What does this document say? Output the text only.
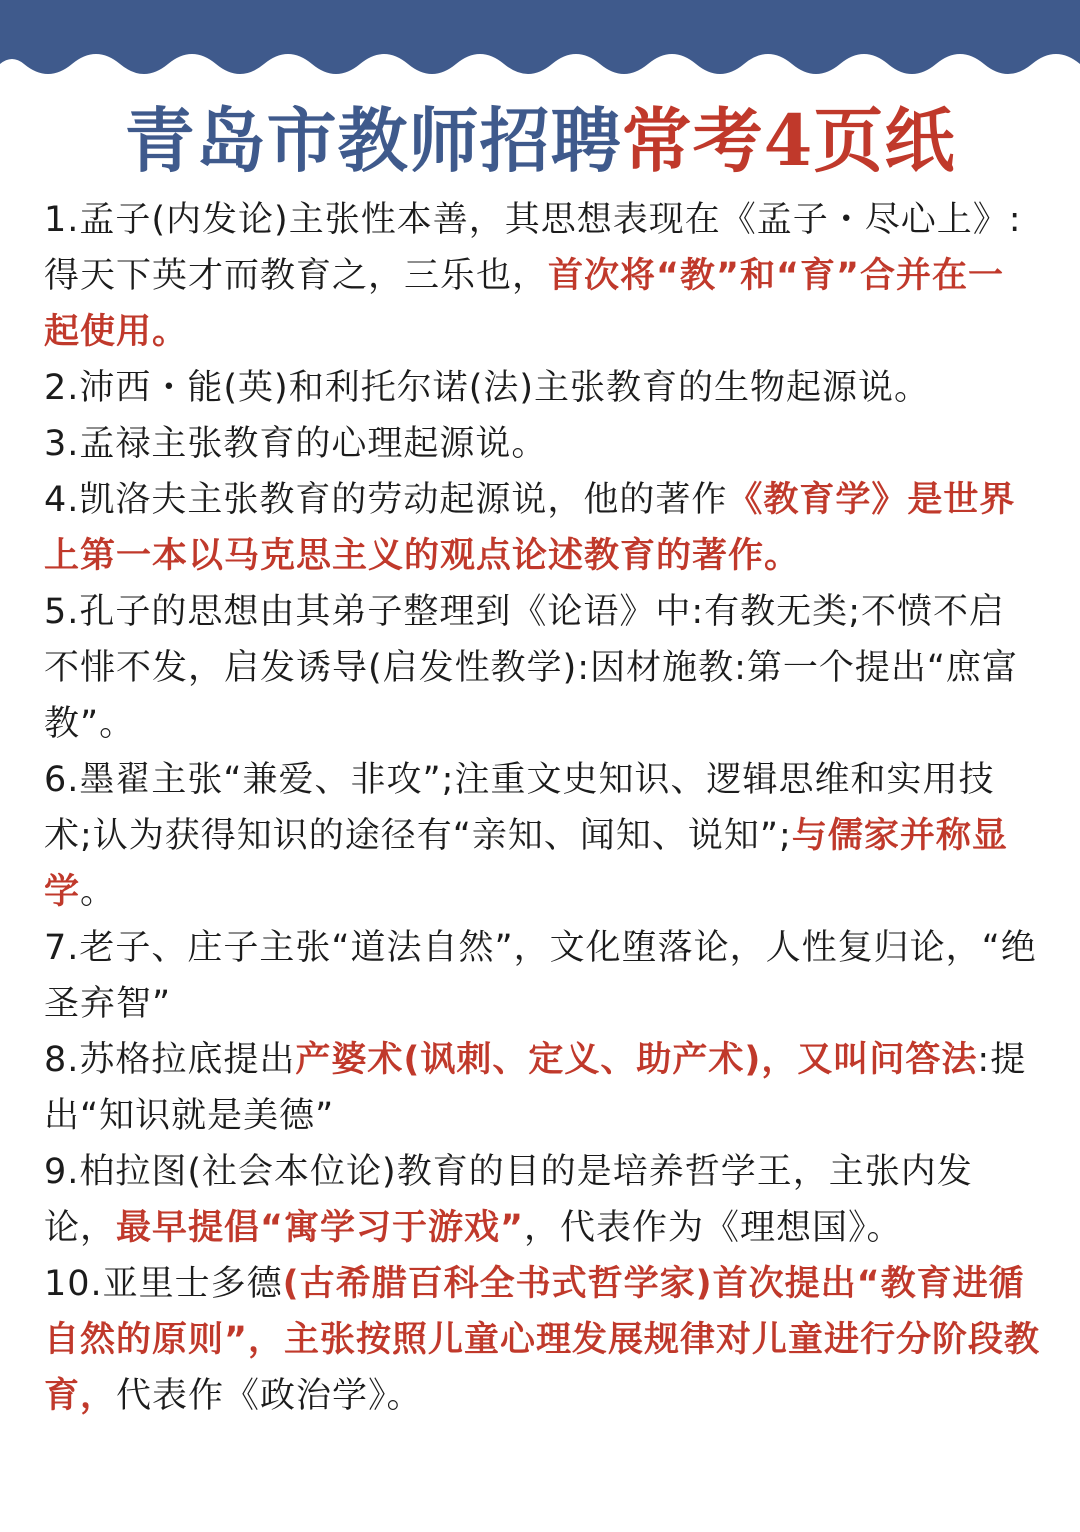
青岛市教师招聘常考4页纸

1.孟子(内发论)主张性本善，其思想表现在《孟子・尽心上》:得天下英才而教育之，三乐也，首次将“教”和“育”合并在一起使用。

2.沛西・能(英)和利托尔诺(法)主张教育的生物起源说。

3.孟禄主张教育的心理起源说。

4.凯洛夫主张教育的劳动起源说，他的著作《教育学》是世界上第一本以马克思主义的观点论述教育的著作。

5.孔子的思想由其弟子整理到《论语》中:有教无类;不愤不启不悱不发，启发诱导(启发性教学):因材施教:第一个提出“庶富教”。

6.墨翟主张“兼爱、非攻”;注重文史知识、逻辑思维和实用技术;认为获得知识的途径有“亲知、闻知、说知”;与儒家并称显学。

7.老子、庄子主张“道法自然”，文化堕落论，人性复归论，“绝圣弃智”

8.苏格拉底提出产婆术(讽刺、定义、助产术)，又叫问答法:提出“知识就是美德”

9.柏拉图(社会本位论)教育的目的是培养哲学王，主张内发论，最早提倡“寓学习于游戏”，代表作为《理想国》。

10.亚里士多德(古希腊百科全书式哲学家)首次提出“教育进循自然的原则”，主张按照儿童心理发展规律对儿童进行分阶段教育，代表作《政治学》。
